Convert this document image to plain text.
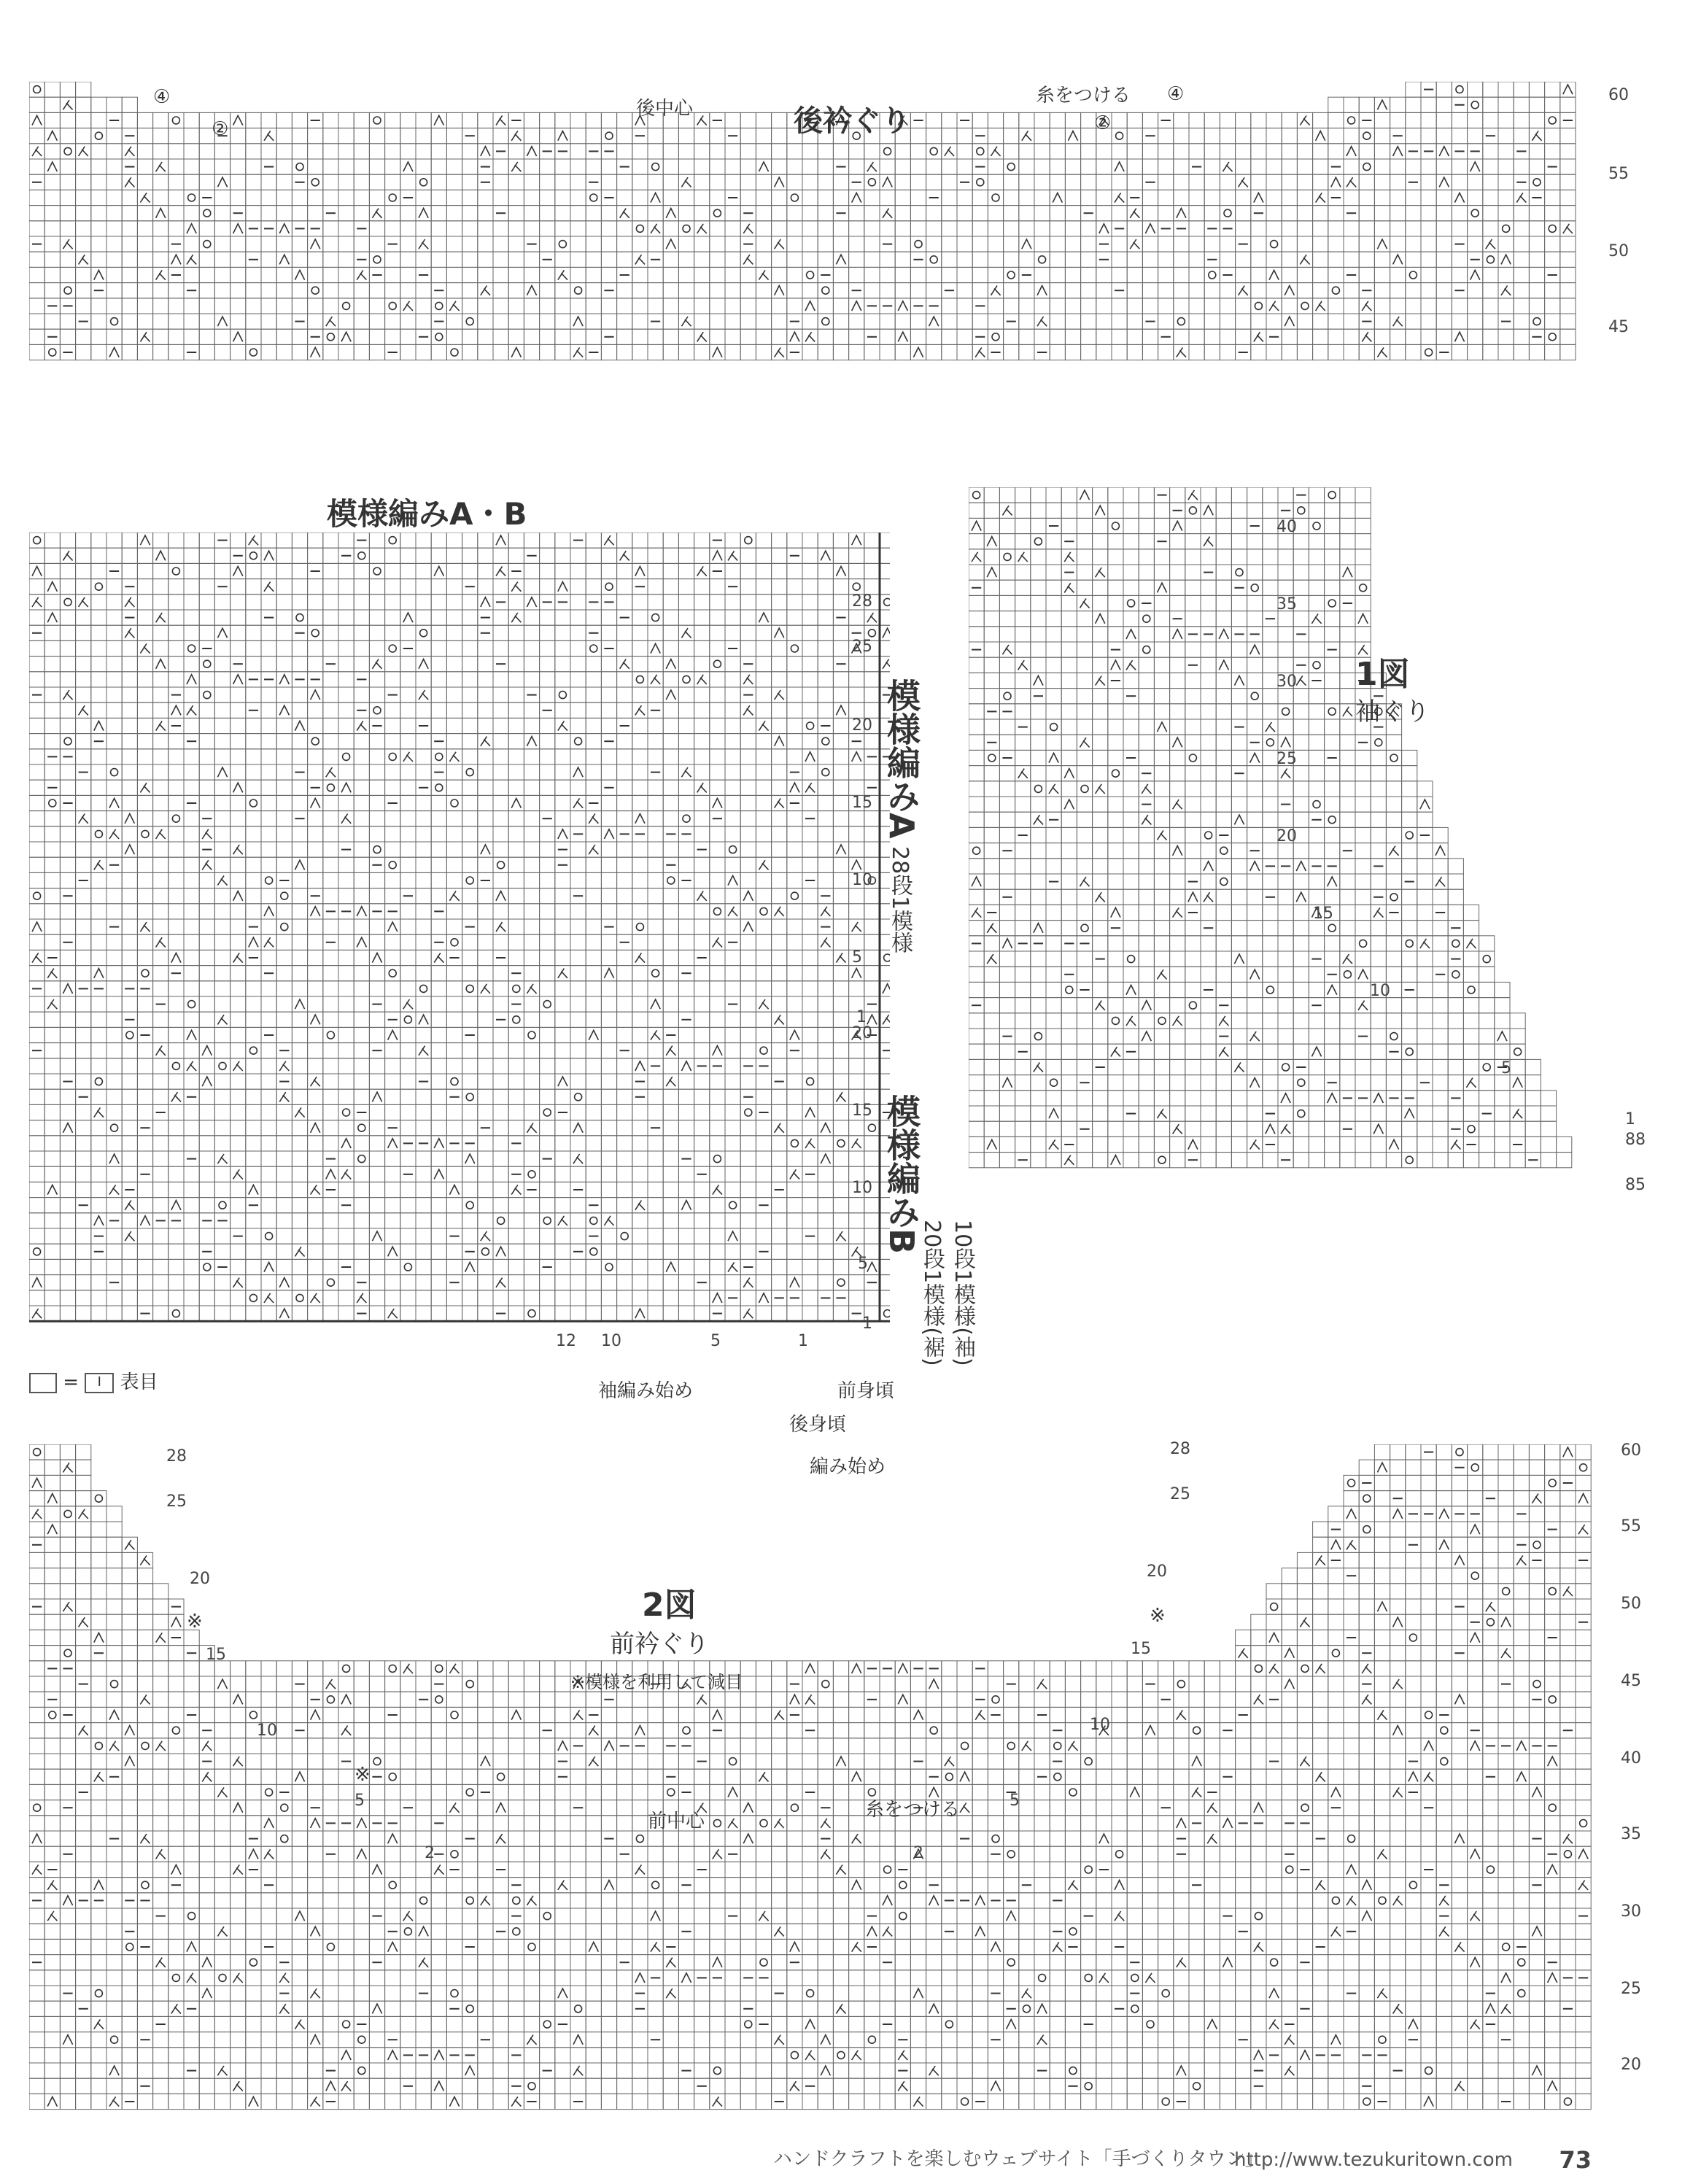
後衿ぐり
後中心
糸をつける
④
②	②
④	60
55
50
45
模様編みA・B
模様編みA
28段1模様
模様編みB
20段1模様(裾) 10段1模様(袖)
28
25
20
15
10
5
1
20
15
10
5
1
12 10	5	1
袖編み始め	前身頃
後身頃
編み始め
= I 表目
1図
袖ぐり
40
35
30
25
20
15
10
5
1
88
85
2図
前衿ぐり
※模様を利用して減目
前中心
糸をつける
※
※
※
28
25
20
15
10
5
2
28
25
20
15
10
5
2
60
55
50
45
40
35
30
25
20
ハンドクラフトを楽しむウェブサイト「手づくりタウン」
http://www.tezukuritown.com 73
